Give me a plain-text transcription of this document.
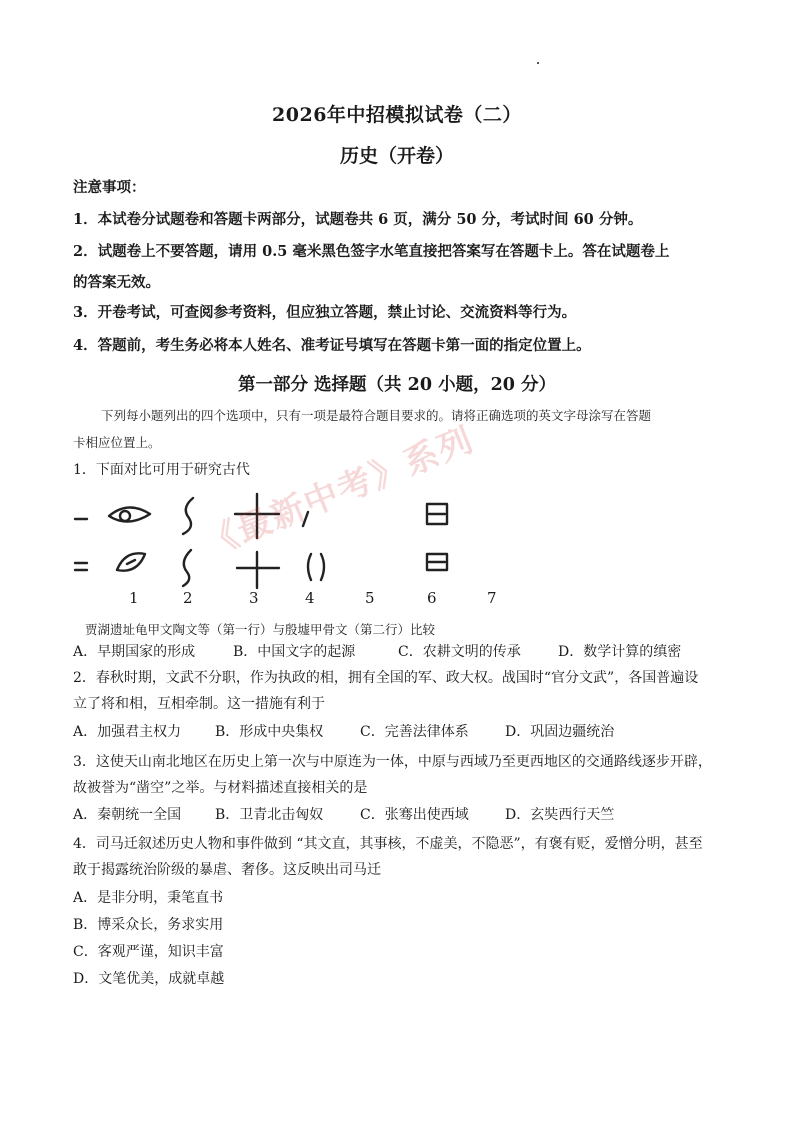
2026年中招模拟试卷（二）
历史（开卷）
注意事项：
1．本试卷分试题卷和答题卡两部分，试题卷共 6 页，满分 50 分，考试时间 60 分钟。
2．试题卷上不要答题，请用 0.5 毫米黑色签字水笔直接把答案写在答题卡上。答在试题卷上
的答案无效。
3．开卷考试，可查阅参考资料，但应独立答题，禁止讨论、交流资料等行为。
4．答题前，考生务必将本人姓名、准考证号填写在答题卡第一面的指定位置上。
第一部分 选择题（共 20 小题，20 分）
下列每小题列出的四个选项中，只有一项是最符合题目要求的。请将正确选项的英文字母涂写在答题
卡相应位置上。
1．下面对比可用于研究古代
1	2	3	4	5	6	7
《最新中考》系列
贾湖遗址龟甲文陶文等（第一行）与殷墟甲骨文（第二行）比较
A．早期国家的形成	B．中国文字的起源	C．农耕文明的传承	D．数学计算的缜密
2．春秋时期，文武不分职，作为执政的相，拥有全国的军、政大权。战国时“官分文武”，各国普遍设
立了将和相，互相牵制。这一措施有利于
A．加强君主权力 B．形成中央集权	C．完善法律体系	D．巩固边疆统治
3．这使天山南北地区在历史上第一次与中原连为一体，中原与西域乃至更西地区的交通路线逐步开辟，
故被誉为“凿空”之举。与材料描述直接相关的是
A．秦朝统一全国 B．卫青北击匈奴	C．张骞出使西域	D．玄奘西行天竺
4．司马迁叙述历史人物和事件做到 “其文直，其事核，不虚美，不隐恶”，有褒有贬，爱憎分明，甚至
敢于揭露统治阶级的暴虐、奢侈。这反映出司马迁
A．是非分明，秉笔直书
B．博采众长，务求实用
C．客观严谨，知识丰富
D．文笔优美，成就卓越
